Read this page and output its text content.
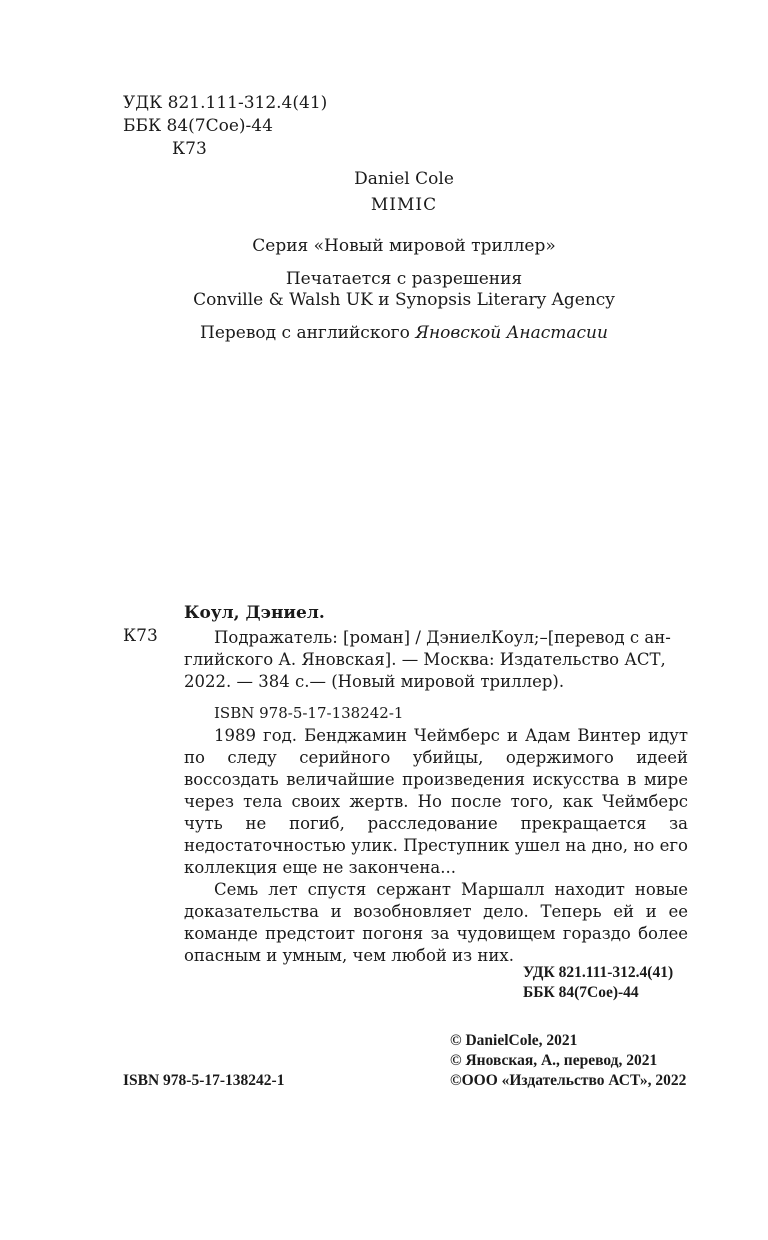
УДК 821.111-312.4(41)
ББК 84(7Сое)-44
К73
Daniel Cole
MIMIC
Серия «Новый мировой триллер»
Печатается с разрешения
Conville & Walsh UK и Synopsis Literary Agency
Перевод с английского Яновской Анастасии
Коул, Дэниел.
К73	Подражатель: [роман] / ДэниелКоул;–[перевод с ан-

глийского А. Яновская]. — Москва: Издательство АСТ,

2022. — 384 с.— (Новый мировой триллер).

ISBN 978-5-17-138242-1

1989 год. Бенджамин Чеймберс и Адам Винтер идут по следу серийного убийцы, одержимого идеей воссоздать величайшие произведения искусства в мире через тела своих жертв. Но после того, как Чеймберс чуть не погиб, расследование прекращается за недостаточностью улик. Преступник ушел на дно, но его коллекция еще не закончена...

Семь лет спустя сержант Маршалл находит новые доказательства и возобновляет дело. Теперь ей и ее команде предстоит погоня за чудовищем гораздо более опасным и умным, чем любой из них.

УДК 821.111-312.4(41)
ББК 84(7Сое)-44
© DanielCole, 2021
© Яновская, А., перевод, 2021
©ООО «Издательство АСТ», 2022
ISBN 978-5-17-138242-1
